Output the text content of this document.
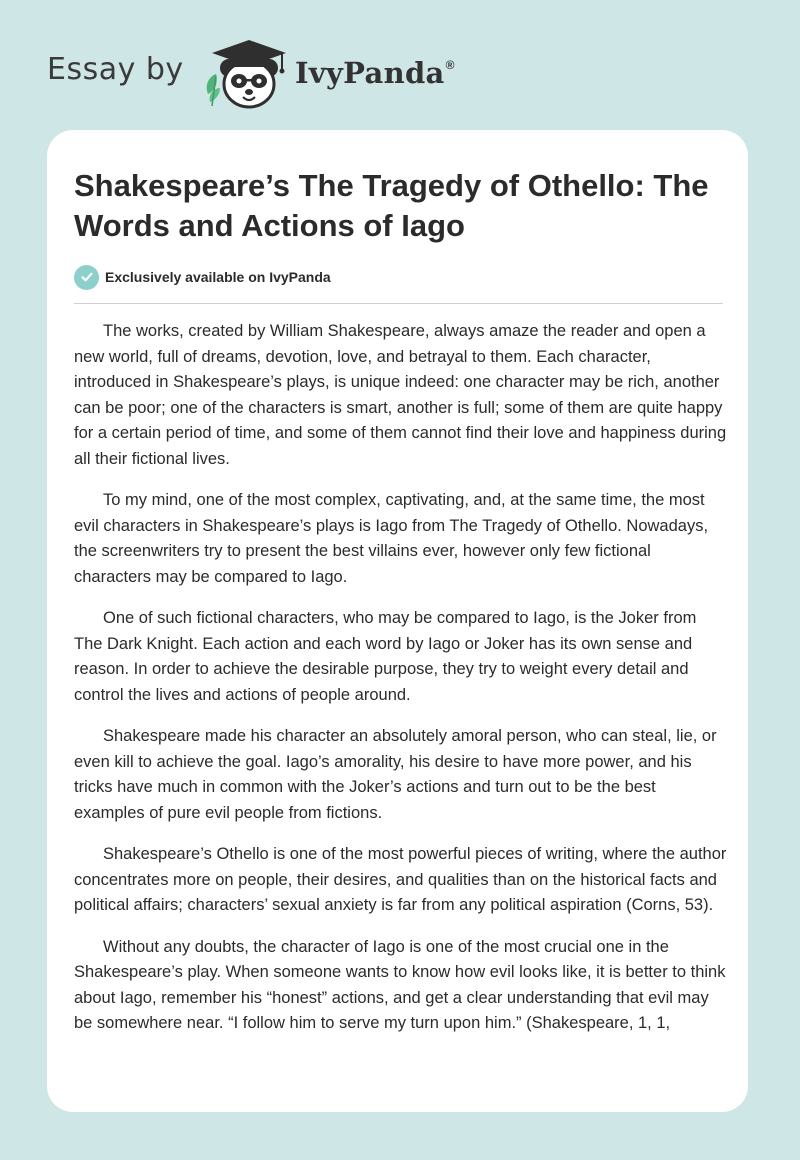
Essay by	IvyPanda®
Shakespeare’s The Tragedy of Othello: The Words and Actions of Iago
Exclusively available on IvyPanda

The works, created by William Shakespeare, always amaze the reader and open a new world, full of dreams, devotion, love, and betrayal to them. Each character, introduced in Shakespeare’s plays, is unique indeed: one character may be rich, another can be poor; one of the characters is smart, another is full; some of them are quite happy for a certain period of time, and some of them cannot find their love and happiness during all their fictional lives.

To my mind, one of the most complex, captivating, and, at the same time, the most evil characters in Shakespeare’s plays is Iago from The Tragedy of Othello. Nowadays, the screenwriters try to present the best villains ever, however only few fictional characters may be compared to Iago.

One of such fictional characters, who may be compared to Iago, is the Joker from The Dark Knight. Each action and each word by Iago or Joker has its own sense and reason. In order to achieve the desirable purpose, they try to weight every detail and control the lives and actions of people around.

Shakespeare made his character an absolutely amoral person, who can steal, lie, or even kill to achieve the goal. Iago’s amorality, his desire to have more power, and his tricks have much in common with the Joker’s actions and turn out to be the best examples of pure evil people from fictions.

Shakespeare’s Othello is one of the most powerful pieces of writing, where the author concentrates more on people, their desires, and qualities than on the historical facts and political affairs; characters’ sexual anxiety is far from any political aspiration (Corns, 53).

Without any doubts, the character of Iago is one of the most crucial one in the Shakespeare’s play. When someone wants to know how evil looks like, it is better to think about Iago, remember his “honest” actions, and get a clear understanding that evil may be somewhere near. “I follow him to serve my turn upon him.” (Shakespeare, 1, 1,
